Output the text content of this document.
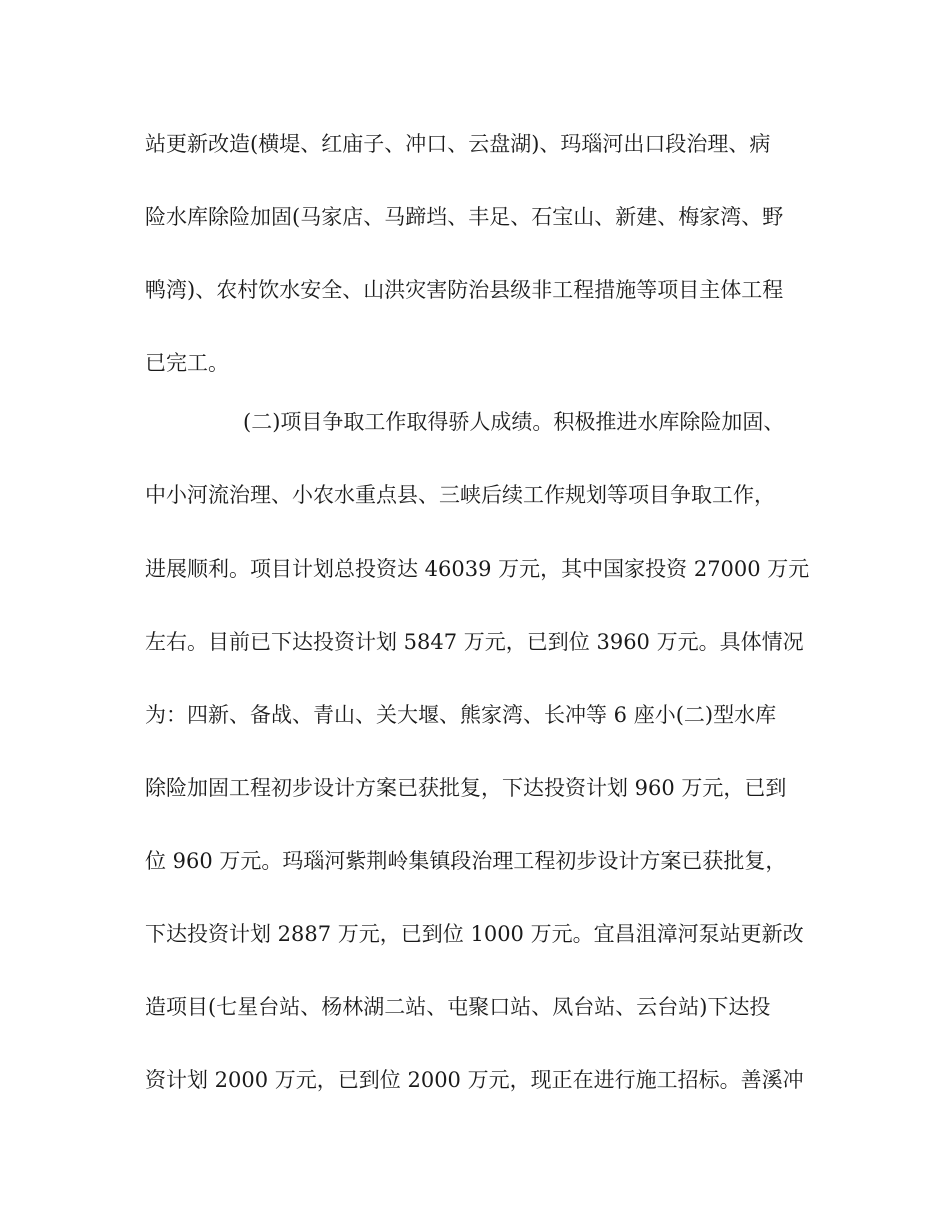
站更新改造(横堤、红庙子、冲口、云盘湖)、玛瑙河出口段治理、病
险水库除险加固(马家店、马蹄垱、丰足、石宝山、新建、梅家湾、野
鸭湾)、农村饮水安全、山洪灾害防治县级非工程措施等项目主体工程
已完工。
(二)项目争取工作取得骄人成绩。积极推进水库除险加固、
中小河流治理、小农水重点县、三峡后续工作规划等项目争取工作，
进展顺利。项目计划总投资达 46039 万元，其中国家投资 27000 万元
左右。目前已下达投资计划 5847 万元，已到位 3960 万元。具体情况
为：四新、备战、青山、关大堰、熊家湾、长冲等 6 座小(二)型水库
除险加固工程初步设计方案已获批复，下达投资计划 960 万元，已到
位 960 万元。玛瑙河紫荆岭集镇段治理工程初步设计方案已获批复，
下达投资计划 2887 万元，已到位 1000 万元。宜昌沮漳河泵站更新改
造项目(七星台站、杨林湖二站、屯聚口站、凤台站、云台站)下达投
资计划 2000 万元，已到位 2000 万元，现正在进行施工招标。善溪冲
